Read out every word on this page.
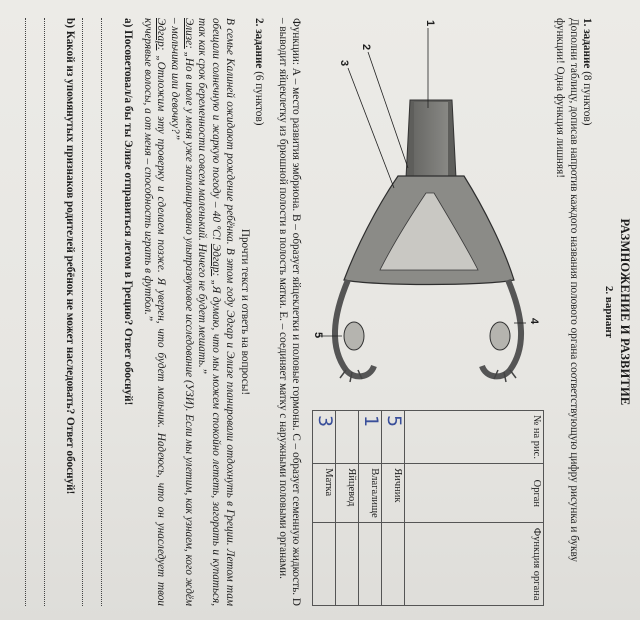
РАЗМНОЖЕНИЕ И РАЗВИТИЕ
2. вариант

1. задание (8 пунктов)

Дополни таблицу, дописав напротив каждого названия полового органа соответствующую цифру рисунка и букву функции! Одна функция лишняя!

1
2
3
4
5
№ на рис.	Орган	Функция органа
5	Яичник	
1	Влагалище	
	Яйцевод	
3	Матка	

Функции: А – место развития эмбриона. В – образует яйцеклетки и половые гормоны. С – образует семенную жидкость. D – выводит яйцеклетку из брюшной полости в полость матки. Е. – соединяет матку с наружными половыми органами.

2. задание (6 пунктов)

Прочти текст и ответь на вопросы!

В семье Калиней ожидают рождение ребёнка. В этом году Эдгар и Элизе планировали отдохнуть в Греции. Летом там обещали солнечную и жаркую погоду – 40 ºС! Эдгар: „Я думаю, что мы можем спокойно лететь, загорать и купаться, так как срок беременности совсем маленький. Ничего не будет мешать.”
Элизе: „Но в июле у меня уже запланировано ультразвуковое исследование (УЗИ). Если мы улетим, как узнаем, кого ждём – мальчика или девочку?”
Эдгар: „Отложим эту проверку и сделаем позже. Я уверен, что будет мальчик. Надеюсь, что он унаследует твои кучерявые волосы, а от меня – способность играть в футбол.”

а) Посоветовал/а бы ты Элизе отправиться летом в Грецию? Ответ обоснуй!

b) Какой из упомянутых признаков родителей ребёнок не может наследовать? Ответ обоснуй!
